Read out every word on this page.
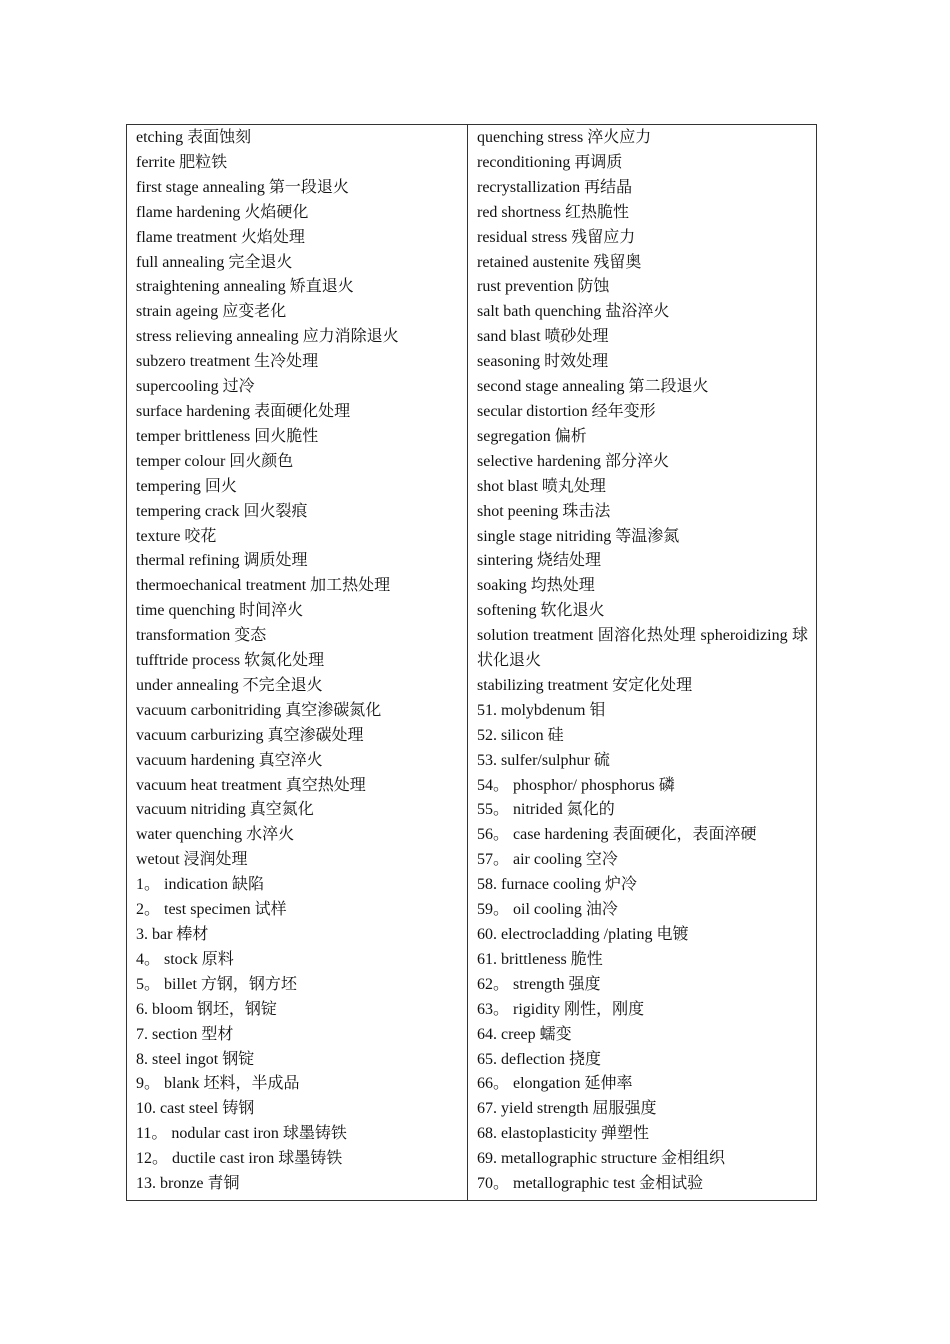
etching 表面蚀刻
ferrite 肥粒铁
first stage annealing 第一段退火
flame hardening 火焰硬化
flame treatment 火焰处理
full annealing 完全退火
straightening annealing 矫直退火
strain ageing 应变老化
stress relieving annealing 应力消除退火
subzero treatment 生冷处理
supercooling 过冷
surface hardening 表面硬化处理
temper brittleness 回火脆性
temper colour 回火颜色
tempering 回火
tempering crack 回火裂痕
texture 咬花
thermal refining 调质处理
thermoechanical treatment 加工热处理
time quenching 时间淬火
transformation 变态
tufftride process 软氮化处理
under annealing 不完全退火
vacuum carbonitriding 真空渗碳氮化
vacuum carburizing 真空渗碳处理
vacuum hardening 真空淬火
vacuum heat treatment 真空热处理
vacuum nitriding 真空氮化
water quenching 水淬火
wetout 浸润处理
1。 indication 缺陷
2。 test specimen 试样
3. bar 棒材
4。 stock 原料
5。 billet 方钢，钢方坯
6. bloom 钢坯，钢锭
7. section 型材
8. steel ingot 钢锭
9。 blank 坯料，半成品
10. cast steel 铸钢
11。 nodular cast iron 球墨铸铁
12。 ductile cast iron 球墨铸铁
13. bronze 青铜

quenching stress 淬火应力
reconditioning 再调质
recrystallization 再结晶
red shortness 红热脆性
residual stress 残留应力
retained austenite 残留奥
rust prevention 防蚀
salt bath quenching 盐浴淬火
sand blast 喷砂处理
seasoning 时效处理
second stage annealing 第二段退火
secular distortion 经年变形
segregation 偏析
selective hardening 部分淬火
shot blast 喷丸处理
shot peening 珠击法
single stage nitriding 等温渗氮
sintering 烧结处理
soaking 均热处理
softening 软化退火
solution treatment 固溶化热处理 spheroidizing 球状化退火
stabilizing treatment 安定化处理
51. molybdenum 钼
52. silicon 硅
53. sulfer/sulphur 硫
54。 phosphor/ phosphorus 磷
55。 nitrided 氮化的
56。 case hardening 表面硬化，表面淬硬
57。 air cooling 空冷
58. furnace cooling 炉冷
59。 oil cooling 油冷
60. electrocladding /plating 电镀
61. brittleness 脆性
62。 strength 强度
63。 rigidity 刚性，刚度
64. creep 蠕变
65. deflection 挠度
66。 elongation 延伸率
67. yield strength 屈服强度
68. elastoplasticity 弹塑性
69. metallographic structure 金相组织
70。 metallographic test 金相试验
